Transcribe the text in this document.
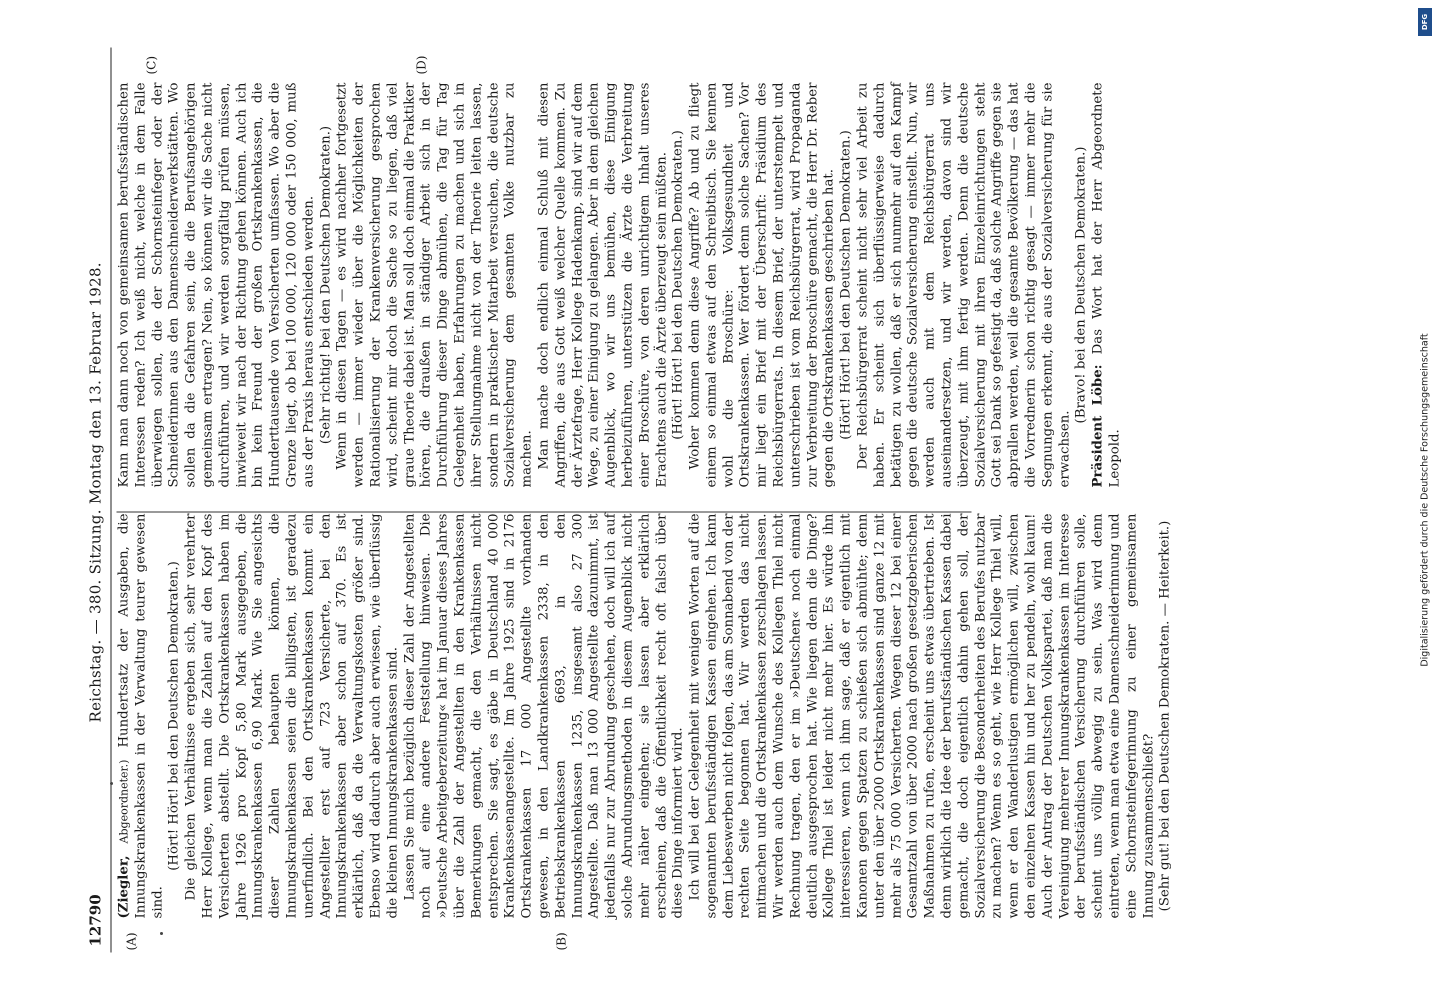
12790
Reichstag. — 380. Sitzung. Montag den 13. Februar 1928.
(A)	(B)
(C)	(D)

(Ziegler, Abgeordneter.) Hundertsatz der Ausgaben, die Innungskrankenkassen in der Verwaltung teurer gewesen sind.

(Hört! Hört! bei den Deutschen Demokraten.) Die gleichen Verhältnisse ergeben sich, sehr verehrter Herr Kollege, wenn man die Zahlen auf den Kopf des Versicherten abstellt. Die Ortskrankenkassen haben im Jahre 1926 pro Kopf 5,80 Mark ausgegeben, die Innungskrankenkassen 6,90 Mark. Wie Sie angesichts dieser Zahlen behaupten können, die Innungskrankenkassen seien die billigsten, ist geradezu unerfindlich. Bei den Ortskrankenkassen kommt ein Angestellter erst auf 723 Versicherte, bei den Innungskrankenkassen aber schon auf 370. Es ist erklärlich, daß da die Verwaltungskosten größer sind. Ebenso wird dadurch aber auch erwiesen, wie überflüssig die kleinen Innungskrankenkassen sind. Lassen Sie mich bezüglich dieser Zahl der Angestellten noch auf eine andere Feststellung hinweisen. Die »Deutsche Arbeitgeberzeitung« hat im Januar dieses Jahres über die Zahl der Angestellten in den Krankenkassen Bemerkungen gemacht, die den Verhältnissen nicht entsprechen. Sie sagt, es gäbe in Deutschland 40 000 Krankenkassenangestellte. Im Jahre 1925 sind in 2176 Ortskrankenkassen 17 000 Angestellte vorhanden gewesen, in den Landkrankenkassen 2338, in den Betriebskrankenkassen 6693, in den Innungskrankenkassen 1235, insgesamt also 27 300 Angestellte. Daß man 13 000 Angestellte dazunimmt, ist jedenfalls nur zur Abrundung geschehen, doch will ich auf solche Abrundungsmethoden in diesem Augenblick nicht mehr näher eingehen; sie lassen aber erklärlich erscheinen, daß die Öffentlichkeit recht oft falsch über diese Dinge informiert wird. Ich will bei der Gelegenheit mit wenigen Worten auf die sogenannten berufsständigen Kassen eingehen. Ich kann dem Liebeswerben nicht folgen, das am Sonnabend von der rechten Seite begonnen hat. Wir werden das nicht mitmachen und die Ortskrankenkassen zerschlagen lassen. Wir werden auch dem Wunsche des Kollegen Thiel nicht Rechnung tragen, den er im »Deutschen« noch einmal deutlich ausgesprochen hat. Wie liegen denn die Dinge? Kollege Thiel ist leider nicht mehr hier. Es würde ihn interessieren, wenn ich ihm sage, daß er eigentlich mit Kanonen gegen Spatzen zu schießen sich abmühte; denn unter den über 2000 Ortskrankenkassen sind ganze 12 mit mehr als 75 000 Versicherten. Wegen dieser 12 bei einer Gesamtzahl von über 2000 nach großen gesetzgeberischen Maßnahmen zu rufen, erscheint uns etwas übertrieben. Ist denn wirklich die Idee der berufsständischen Kassen dabei gemacht, die doch eigentlich dahin gehen soll, der Sozialversicherung die Besonderheiten des Berufes nutzbar zu machen? Wenn es so geht, wie Herr Kollege Thiel will, wenn er den Wanderlustigen ermöglichen will, zwischen den einzelnen Kassen hin und her zu pendeln, wohl kaum! Auch der Antrag der Deutschen Volkspartei, daß man die Vereinigung mehrerer Innungskrankenkassen im Interesse der berufsständischen Versicherung durchführen solle, scheint uns völlig abwegig zu sein. Was wird denn eintreten, wenn man etwa eine Damenschneiderinnung und eine Schornsteinfegerinnung zu einer gemeinsamen Innung zusammenschließt? (Sehr gut! bei den Deutschen Demokraten. — Heiterkeit.)

Kann man dann noch von gemeinsamen berufsständischen Interessen reden? Ich weiß nicht, welche in dem Falle überwiegen sollen, die der Schornsteinfeger oder der Schneiderinnen aus den Damenschneiderwerkstätten. Wo sollen da die Gefahren sein, die die Berufsangehörigen gemeinsam ertragen? Nein, so können wir die Sache nicht durchführen, und wir werden sorgfältig prüfen müssen, inwieweit wir nach der Richtung gehen können. Auch ich bin kein Freund der großen Ortskrankenkassen, die Hunderttausende von Versicherten umfassen. Wo aber die Grenze liegt, ob bei 100 000, 120 000 oder 150 000, muß aus der Praxis heraus entschieden werden. (Sehr richtig! bei den Deutschen Demokraten.) Wenn in diesen Tagen — es wird nachher fortgesetzt werden — immer wieder über die Möglichkeiten der Rationalisierung der Krankenversicherung gesprochen wird, scheint mir doch die Sache so zu liegen, daß viel graue Theorie dabei ist. Man soll doch einmal die Praktiker hören, die draußen in ständiger Arbeit sich in der Durchführung dieser Dinge abmühen, die Tag für Tag Gelegenheit haben, Erfahrungen zu machen und sich in ihrer Stellungnahme nicht von der Theorie leiten lassen, sondern in praktischer Mitarbeit versuchen, die deutsche Sozialversicherung dem gesamten Volke nutzbar zu machen. Man mache doch endlich einmal Schluß mit diesen Angriffen, die aus Gott weiß welcher Quelle kommen. Zu der Ärztefrage, Herr Kollege Hadenkamp, sind wir auf dem Wege, zu einer Einigung zu gelangen. Aber in dem gleichen Augenblick, wo wir uns bemühen, diese Einigung herbeizuführen, unterstützen die Ärzte die Verbreitung einer Broschüre, von deren unrichtigem Inhalt unseres Erachtens auch die Ärzte überzeugt sein müßten. (Hört! Hört! bei den Deutschen Demokraten.) Woher kommen denn diese Angriffe? Ab und zu fliegt einem so einmal etwas auf den Schreibtisch. Sie kennen wohl die Broschüre: Volksgesundheit und Ortskrankenkassen. Wer fördert denn solche Sachen? Vor mir liegt ein Brief mit der Überschrift: Präsidium des Reichsbürgerrats. In diesem Brief, der unterstempelt und unterschrieben ist vom Reichsbürgerrat, wird Propaganda zur Verbreitung der Broschüre gemacht, die Herr Dr. Reber gegen die Ortskrankenkassen geschrieben hat. (Hört! Hört! bei den Deutschen Demokraten.) Der Reichsbürgerrat scheint nicht sehr viel Arbeit zu haben. Er scheint sich überflüssigerweise dadurch betätigen zu wollen, daß er sich nunmehr auf den Kampf gegen die deutsche Sozialversicherung einstellt. Nun, wir werden auch mit dem Reichsbürgerrat uns auseinandersetzen, und wir werden, davon sind wir überzeugt, mit ihm fertig werden. Denn die deutsche Sozialversicherung mit ihren Einzeleinrichtungen steht Gott sei Dank so gefestigt da, daß solche Angriffe gegen sie abprallen werden, weil die gesamte Bevölkerung — das hat die Vorrednerin schon richtig gesagt — immer mehr die Segnungen erkennt, die aus der Sozialversicherung für sie erwachsen.

(Bravo! bei den Deutschen Demokraten.)

Präsident Löbe: Das Wort hat der Herr Abgeordnete Leopold.

DFG
Digitalisierung gefördert durch die Deutsche Forschungsgemeinschaft
